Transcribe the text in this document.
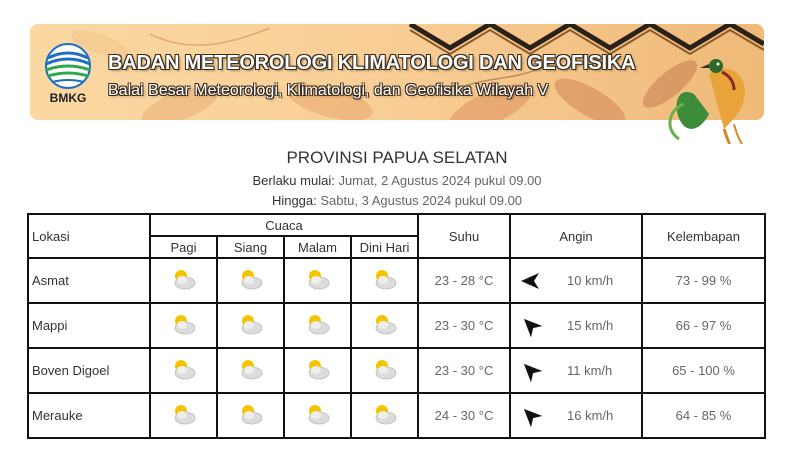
BMKG
BADAN METEOROLOGI KLIMATOLOGI DAN GEOFISIKA
Balai Besar Meteorologi, Klimatologi, dan Geofisika Wilayah V
PROVINSI PAPUA SELATAN
Berlaku mulai: Jumat, 2 Agustus 2024 pukul 09.00
Hingga: Sabtu, 3 Agustus 2024 pukul 09.00
Lokasi	Cuaca				Suhu	Angin	Kelembapan
	Pagi	Siang	Malam	Dini Hari			
Asmat					23 - 28 °C	10 km/h	73 - 99 %
Mappi					23 - 30 °C	15 km/h	66 - 97 %
Boven Digoel					23 - 30 °C	11 km/h	65 - 100 %
Merauke					24 - 30 °C	16 km/h	64 - 85 %
